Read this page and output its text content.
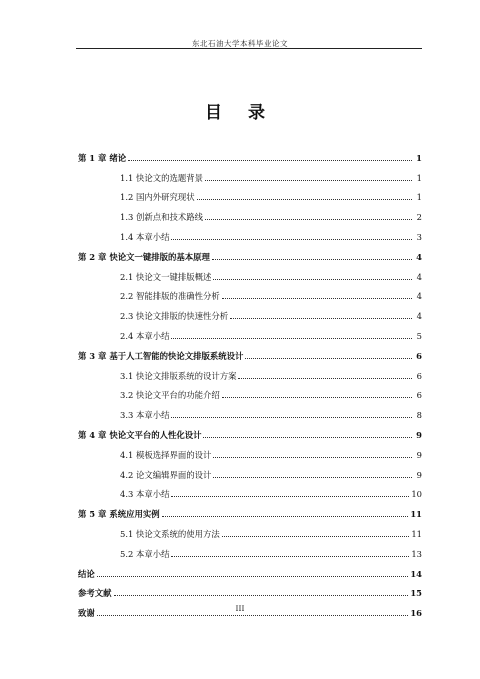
东北石油大学本科毕业论文
目 录
第 1 章 绪论	1
1.1 快论文的选题背景	1
1.2 国内外研究现状	1
1.3 创新点和技术路线	2
1.4 本章小结	3
第 2 章 快论文一键排版的基本原理	4
2.1 快论文一键排版概述	4
2.2 智能排版的准确性分析	4
2.3 快论文排版的快速性分析	4
2.4 本章小结	5
第 3 章 基于人工智能的快论文排版系统设计	6
3.1 快论文排版系统的设计方案	6
3.2 快论文平台的功能介绍	6
3.3 本章小结	8
第 4 章 快论文平台的人性化设计	9
4.1 模板选择界面的设计	9
4.2 论文编辑界面的设计	9
4.3 本章小结	10
第 5 章 系统应用实例	11
5.1 快论文系统的使用方法	11
5.2 本章小结	13
结论	14
参考文献	15
致谢	16
III
